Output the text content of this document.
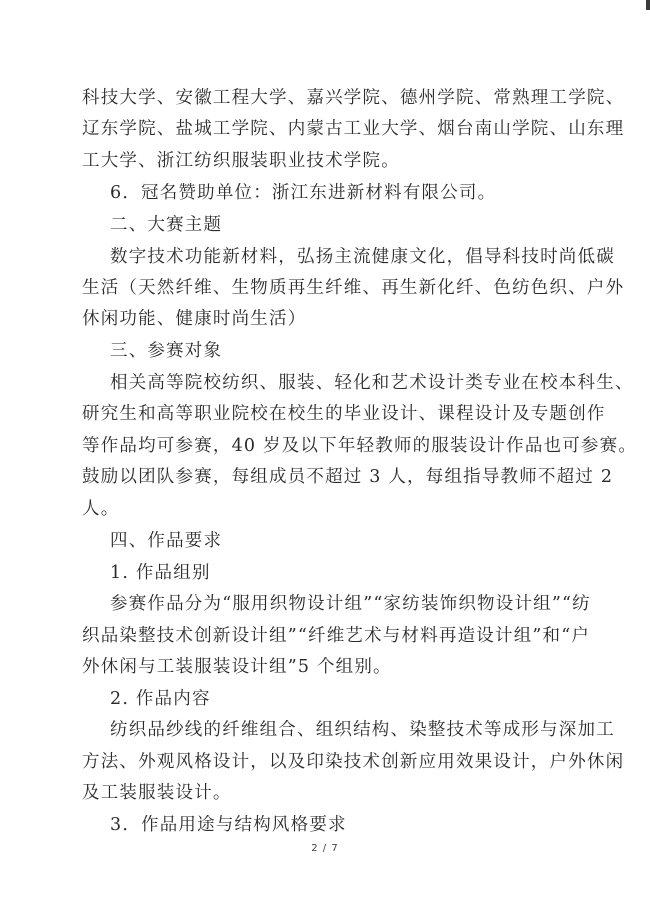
科技大学、安徽工程大学、嘉兴学院、德州学院、常熟理工学院、
辽东学院、盐城工学院、内蒙古工业大学、烟台南山学院、山东理
工大学、浙江纺织服装职业技术学院。
6．冠名赞助单位：浙江东进新材料有限公司。
二、大赛主题
数字技术功能新材料，弘扬主流健康文化，倡导科技时尚低碳
生活（天然纤维、生物质再生纤维、再生新化纤、色纺色织、户外
休闲功能、健康时尚生活）
三、参赛对象
相关高等院校纺织、服装、轻化和艺术设计类专业在校本科生、
研究生和高等职业院校在校生的毕业设计、课程设计及专题创作
等作品均可参赛，40 岁及以下年轻教师的服装设计作品也可参赛。
鼓励以团队参赛，每组成员不超过 3 人，每组指导教师不超过 2
人。
四、作品要求
1. 作品组别
参赛作品分为“服用织物设计组”“家纺装饰织物设计组”“纺
织品染整技术创新设计组”“纤维艺术与材料再造设计组”和“户
外休闲与工装服装设计组”5 个组别。
2. 作品内容
纺织品纱线的纤维组合、组织结构、染整技术等成形与深加工
方法、外观风格设计，以及印染技术创新应用效果设计，户外休闲
及工装服装设计。
3．作品用途与结构风格要求
2 / 7
